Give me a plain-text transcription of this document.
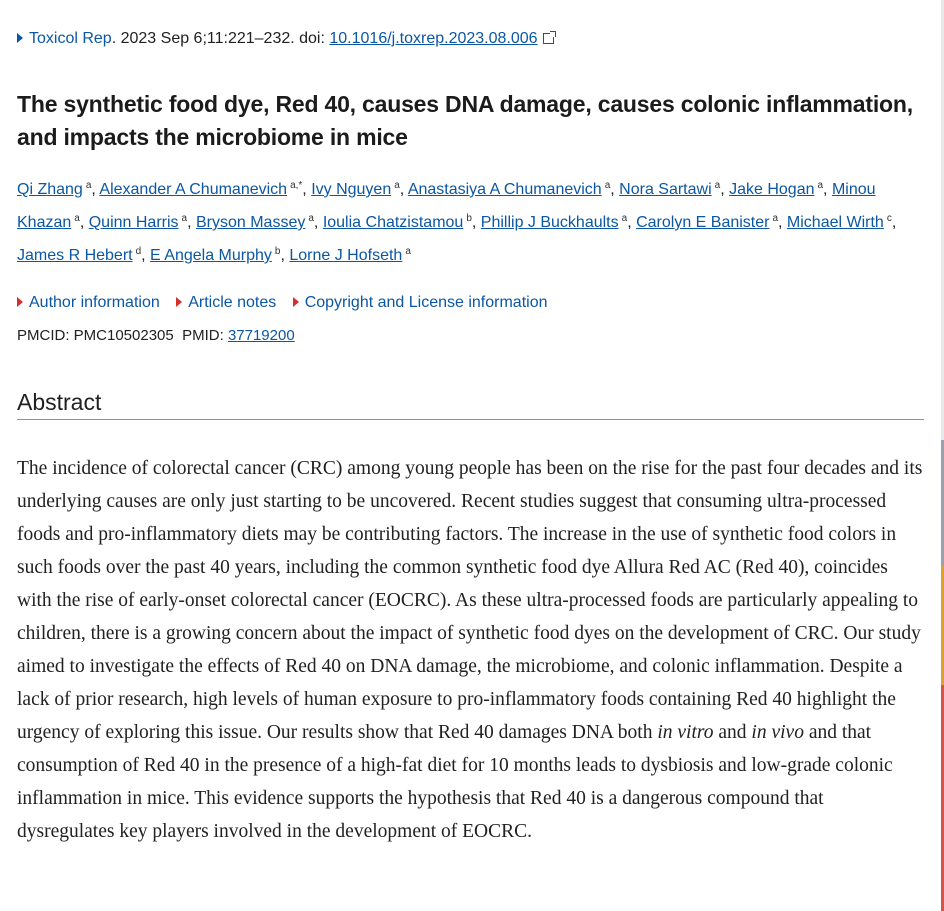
Toxicol Rep. 2023 Sep 6;11:221–232. doi: 10.1016/j.toxrep.2023.08.006
The synthetic food dye, Red 40, causes DNA damage, causes colonic inflammation, and impacts the microbiome in mice
Qi Zhang $^a$, Alexander A Chumanevich $^{a,*}$, Ivy Nguyen $^a$, Anastasiya A Chumanevich $^a$, Nora Sartawi $^a$, Jake Hogan $^a$, Minou Khazan $^a$, Quinn Harris $^a$, Bryson Massey $^a$, Ioulia Chatzistamou $^b$, Phillip J Buckhaults $^a$, Carolyn E Banister $^a$, Michael Wirth $^c$, James R Hebert $^d$, E Angela Murphy $^b$, Lorne J Hofseth $^a$
Author information Article notes Copyright and License information
PMCID: PMC10502305 PMID: 37719200
Abstract

The incidence of colorectal cancer (CRC) among young people has been on the rise for the past four decades and its underlying causes are only just starting to be uncovered. Recent studies suggest that consuming ultra-processed foods and pro-inflammatory diets may be contributing factors. The increase in the use of synthetic food colors in such foods over the past 40 years, including the common synthetic food dye Allura Red AC (Red 40), coincides with the rise of early-onset colorectal cancer (EOCRC). As these ultra-processed foods are particularly appealing to children, there is a growing concern about the impact of synthetic food dyes on the development of CRC. Our study aimed to investigate the effects of Red 40 on DNA damage, the microbiome, and colonic inflammation. Despite a lack of prior research, high levels of human exposure to pro-inflammatory foods containing Red 40 highlight the urgency of exploring this issue. Our results show that Red 40 damages DNA both in vitro and in vivo and that consumption of Red 40 in the presence of a high-fat diet for 10 months leads to dysbiosis and low-grade colonic inflammation in mice. This evidence supports the hypothesis that Red 40 is a dangerous compound that dysregulates key players involved in the development of EOCRC.
